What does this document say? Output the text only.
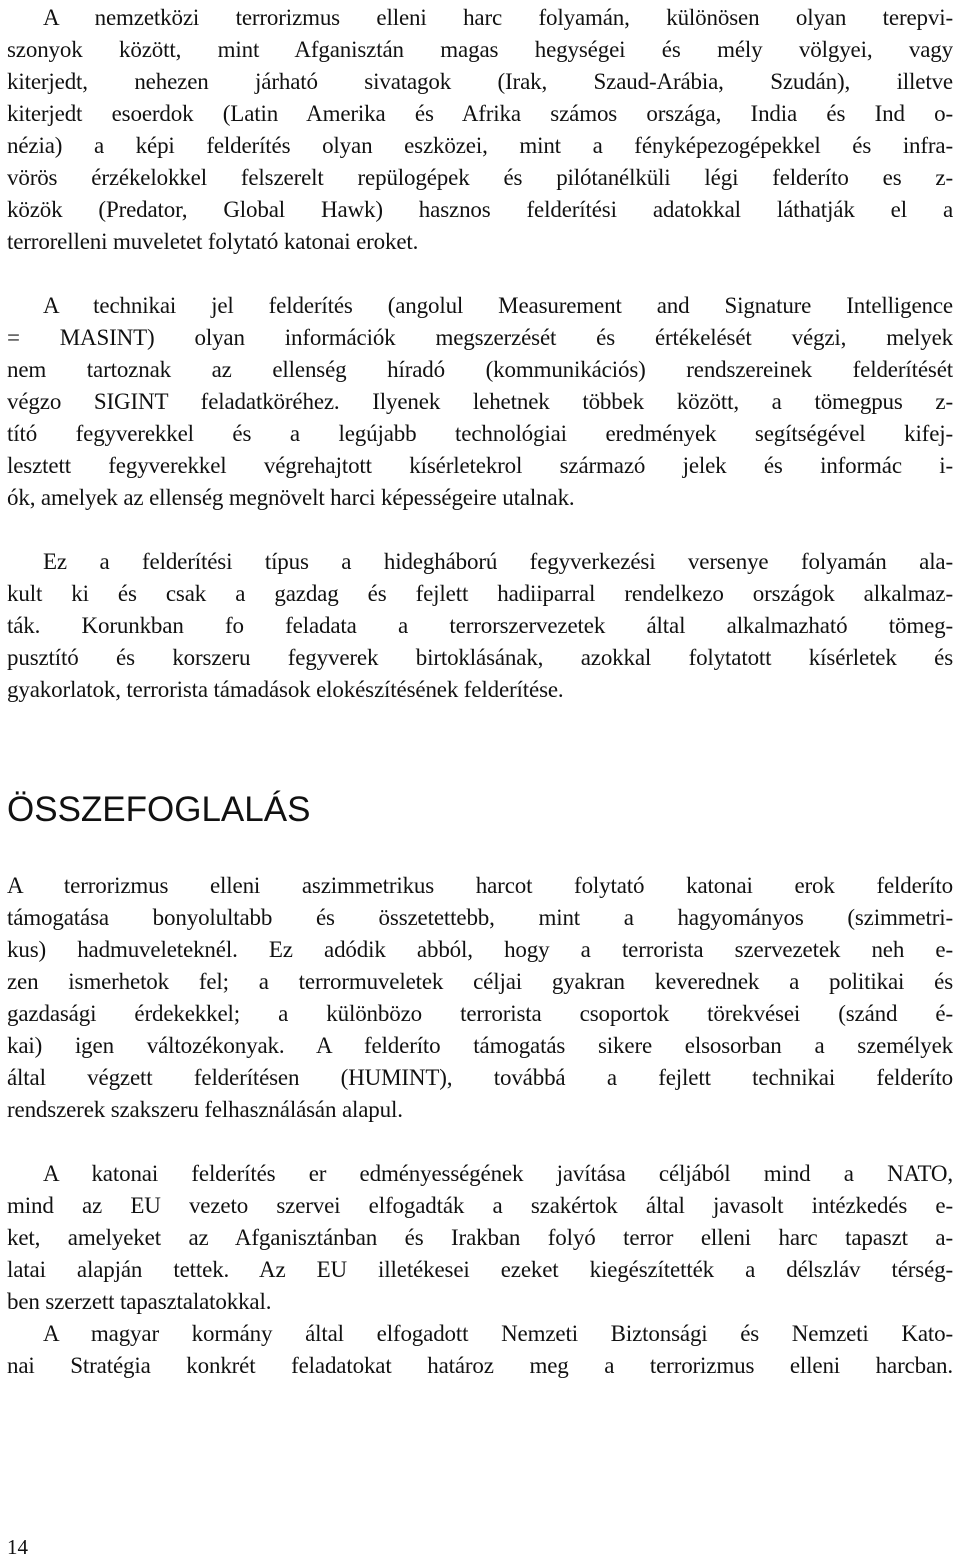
A nemzetközi terrorizmus elleni harc folyamán, különösen olyan terepvi-
szonyok között, mint Afganisztán magas hegységei és mély völgyei, vagy
kiterjedt, nehezen járható sivatagok (Irak, Szaud-Arábia, Szudán), illetve
kiterjedt esoerdok (Latin Amerika és Afrika számos országa, India és Ind o-
nézia) a képi felderítés olyan eszközei, mint a fényképezogépekkel és infra-
vörös érzékelokkel felszerelt repülogépek és pilótanélküli légi felderíto es z-
közök (Predator, Global Hawk) hasznos felderítési adatokkal láthatják el a
terrorelleni muveletet folytató katonai eroket.
A technikai jel felderítés (angolul Measurement and Signature Intelligence
= MASINT) olyan információk megszerzését és értékelését végzi, melyek
nem tartoznak az ellenség híradó (kommunikációs) rendszereinek felderítését
végzo SIGINT feladatköréhez. Ilyenek lehetnek többek között, a tömegpus z-
tító fegyverekkel és a legújabb technológiai eredmények segítségével kifej-
lesztett fegyverekkel végrehajtott kísérletekrol származó jelek és informác i-
ók, amelyek az ellenség megnövelt harci képességeire utalnak.
Ez a felderítési típus a hidegháború fegyverkezési versenye folyamán ala-
kult ki és csak a gazdag és fejlett hadiiparral rendelkezo országok alkalmaz-
ták. Korunkban fo feladata a terrorszervezetek által alkalmazható tömeg-
pusztító és korszeru fegyverek birtoklásának, azokkal folytatott kísérletek és
gyakorlatok, terrorista támadások elokészítésének felderítése.
ÖSSZEFOGLALÁS
A terrorizmus elleni aszimmetrikus harcot folytató katonai erok felderíto
támogatása bonyolultabb és összetettebb, mint a hagyományos (szimmetri-
kus) hadmuveleteknél. Ez adódik abból, hogy a terrorista szervezetek neh e-
zen ismerhetok fel; a terrormuveletek céljai gyakran keverednek a politikai és
gazdasági érdekekkel; a különbözo terrorista csoportok törekvései (szánd é-
kai) igen változékonyak. A felderíto támogatás sikere elsosorban a személyek
által végzett felderítésen (HUMINT), továbbá a fejlett technikai felderíto
rendszerek szakszeru felhasználásán alapul.
A katonai felderítés er edményességének javítása céljából mind a NATO,
mind az EU vezeto szervei elfogadták a szakértok által javasolt intézkedés e-
ket, amelyeket az Afganisztánban és Irakban folyó terror elleni harc tapaszt a-
latai alapján tettek. Az EU illetékesei ezeket kiegészítették a délszláv térség-
ben szerzett tapasztalatokkal.
A magyar kormány által elfogadott Nemzeti Biztonsági és Nemzeti Kato-
nai Stratégia konkrét feladatokat határoz meg a terrorizmus elleni harcban.
14
